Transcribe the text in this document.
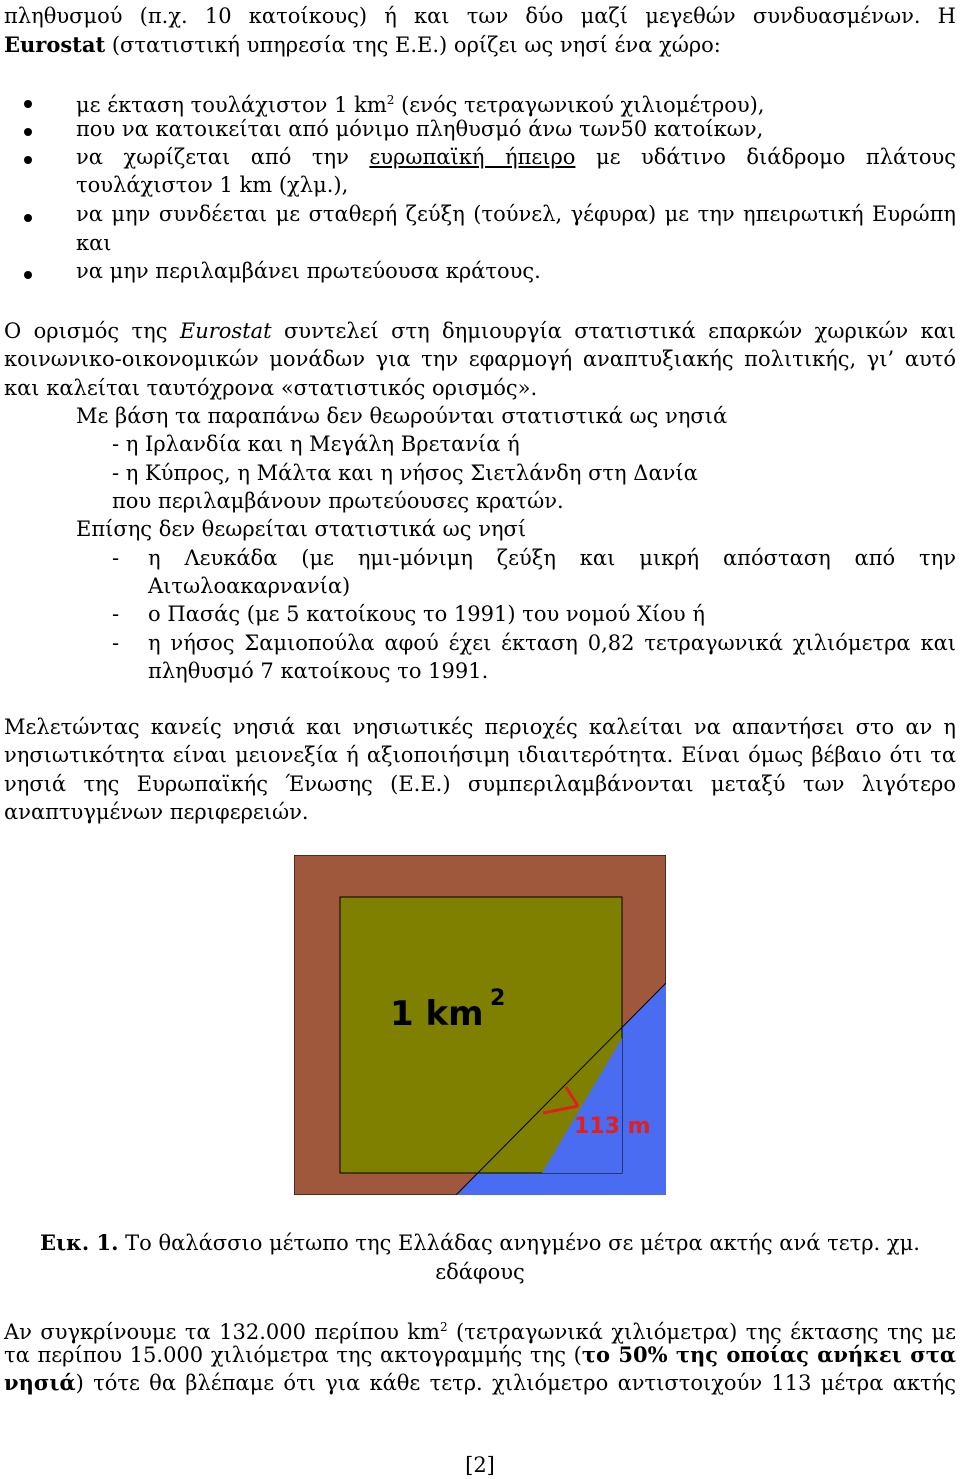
πληθυσμού (π.χ. 10 κατοίκους) ή και των δύο μαζί μεγεθών συνδυασμένων. Η
Eurostat (στατιστική υπηρεσία της Ε.Ε.) ορίζει ως νησί ένα χώρο:
με έκταση τουλάχιστον 1 $km^2$ (ενός τετραγωνικού χιλιομέτρου),
που να κατοικείται από μόνιμο πληθυσμό άνω των50 κατοίκων,
να χωρίζεται από την ευρωπαϊκή ήπειρο με υδάτινο διάδρομο πλάτους
τουλάχιστον 1 km (χλμ.),
να μην συνδέεται με σταθερή ζεύξη (τούνελ, γέφυρα) με την ηπειρωτική Ευρώπη
και
να μην περιλαμβάνει πρωτεύουσα κράτους.
Ο ορισμός της Eurostat συντελεί στη δημιουργία στατιστικά επαρκών χωρικών και
κοινωνικο-οικονομικών μονάδων για την εφαρμογή αναπτυξιακής πολιτικής, γι’ αυτό
και καλείται ταυτόχρονα «στατιστικός ορισμός».
Με βάση τα παραπάνω δεν θεωρούνται στατιστικά ως νησιά
- η Ιρλανδία και η Μεγάλη Βρετανία ή
- η Κύπρος, η Μάλτα και η νήσος Σιετλάνδη στη Δανία
που περιλαμβάνουν πρωτεύουσες κρατών.
Επίσης δεν θεωρείται στατιστικά ως νησί
- η Λευκάδα (με ημι-μόνιμη ζεύξη και μικρή απόσταση από την
Αιτωλοακαρνανία)
- ο Πασάς (με 5 κατοίκους το 1991) του νομού Χίου ή
- η νήσος Σαμιοπούλα αφού έχει έκταση 0,82 τετραγωνικά χιλιόμετρα και
πληθυσμό 7 κατοίκους το 1991.
Μελετώντας κανείς νησιά και νησιωτικές περιοχές καλείται να απαντήσει στο αν η
νησιωτικότητα είναι μειονεξία ή αξιοποιήσιμη ιδιαιτερότητα. Είναι όμως βέβαιο ότι τα
νησιά της Ευρωπαϊκής Ένωσης (Ε.Ε.) συμπεριλαμβάνονται μεταξύ των λιγότερο
αναπτυγμένων περιφερειών.
1 km 2
113 m
Εικ. 1. Το θαλάσσιο μέτωπο της Ελλάδας ανηγμένο σε μέτρα ακτής ανά τετρ. χμ.
εδάφους
Αν συγκρίνουμε τα 132.000 περίπου $km^2$ (τετραγωνικά χιλιόμετρα) της έκτασης της με
τα περίπου 15.000 χιλιόμετρα της ακτογραμμής της (το 50% της οποίας ανήκει στα
νησιά) τότε θα βλέπαμε ότι για κάθε τετρ. χιλιόμετρο αντιστοιχούν 113 μέτρα ακτής
[2]
